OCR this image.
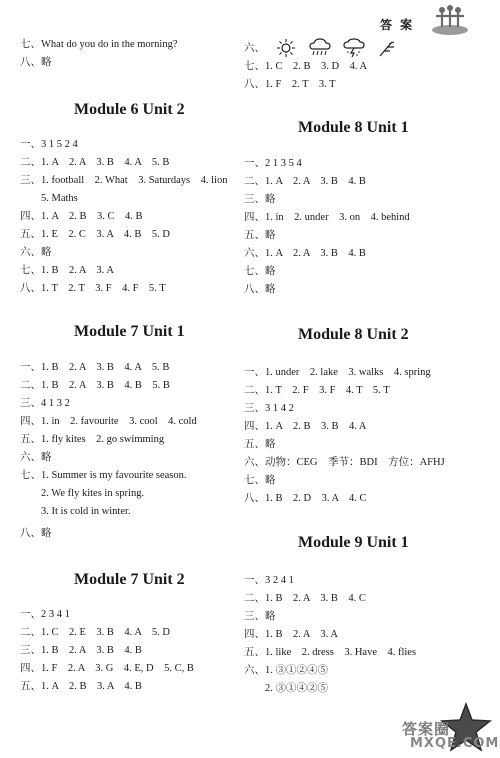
答 案
七、What do you do in the morning?
八、略
Module 6 Unit 2
一、3 1 5 2 4
二、1. A　2. A　3. B　4. A　5. B
三、1. football　2. What　3. Saturdays　4. lion
　　5. Maths
四、1. A　2. B　3. C　4. B
五、1. E　2. C　3. A　4. B　5. D
六、略
七、1. B　2. A　3. A
八、1. T　2. T　3. F　4. F　5. T
Module 7 Unit 1
一、1. B　2. A　3. B　4. A　5. B
二、1. B　2. A　3. B　4. B　5. B
三、4 1 3 2
四、1. in　2. favourite　3. cool　4. cold
五、1. fly kites　2. go swimming
六、略
七、1. Summer is my favourite season.
　　2. We fly kites in spring.
　　3. It is cold in winter.
八、略
Module 7 Unit 2
一、2 3 4 1
二、1. C　2. E　3. B　4. A　5. D
三、1. B　2. A　3. B　4. B
四、1. F　2. A　3. G　4. E, D　5. C, B
五、1. A　2. B　3. A　4. B
六、
七、1. C　2. B　3. D　4. A
八、1. F　2. T　3. T
Module 8 Unit 1
一、2 1 3 5 4
二、1. A　2. A　3. B　4. B
三、略
四、1. in　2. under　3. on　4. behind
五、略
六、1. A　2. A　3. B　4. B
七、略
八、略
Module 8 Unit 2
一、1. under　2. lake　3. walks　4. spring
二、1. T　2. F　3. F　4. T　5. T
三、3 1 4 2
四、1. A　2. B　3. B　4. A
五、略
六、动物：CEG　季节：BDI　方位：AFHJ
七、略
八、1. B　2. D　3. A　4. C
Module 9 Unit 1
一、3 2 4 1
二、1. B　2. A　3. B　4. C
三、略
四、1. B　2. A　3. A
五、1. like　2. dress　3. Have　4. flies
六、1. ③①②④⑤
　　2. ③①④②⑤
答案圈
MXQE.COM
